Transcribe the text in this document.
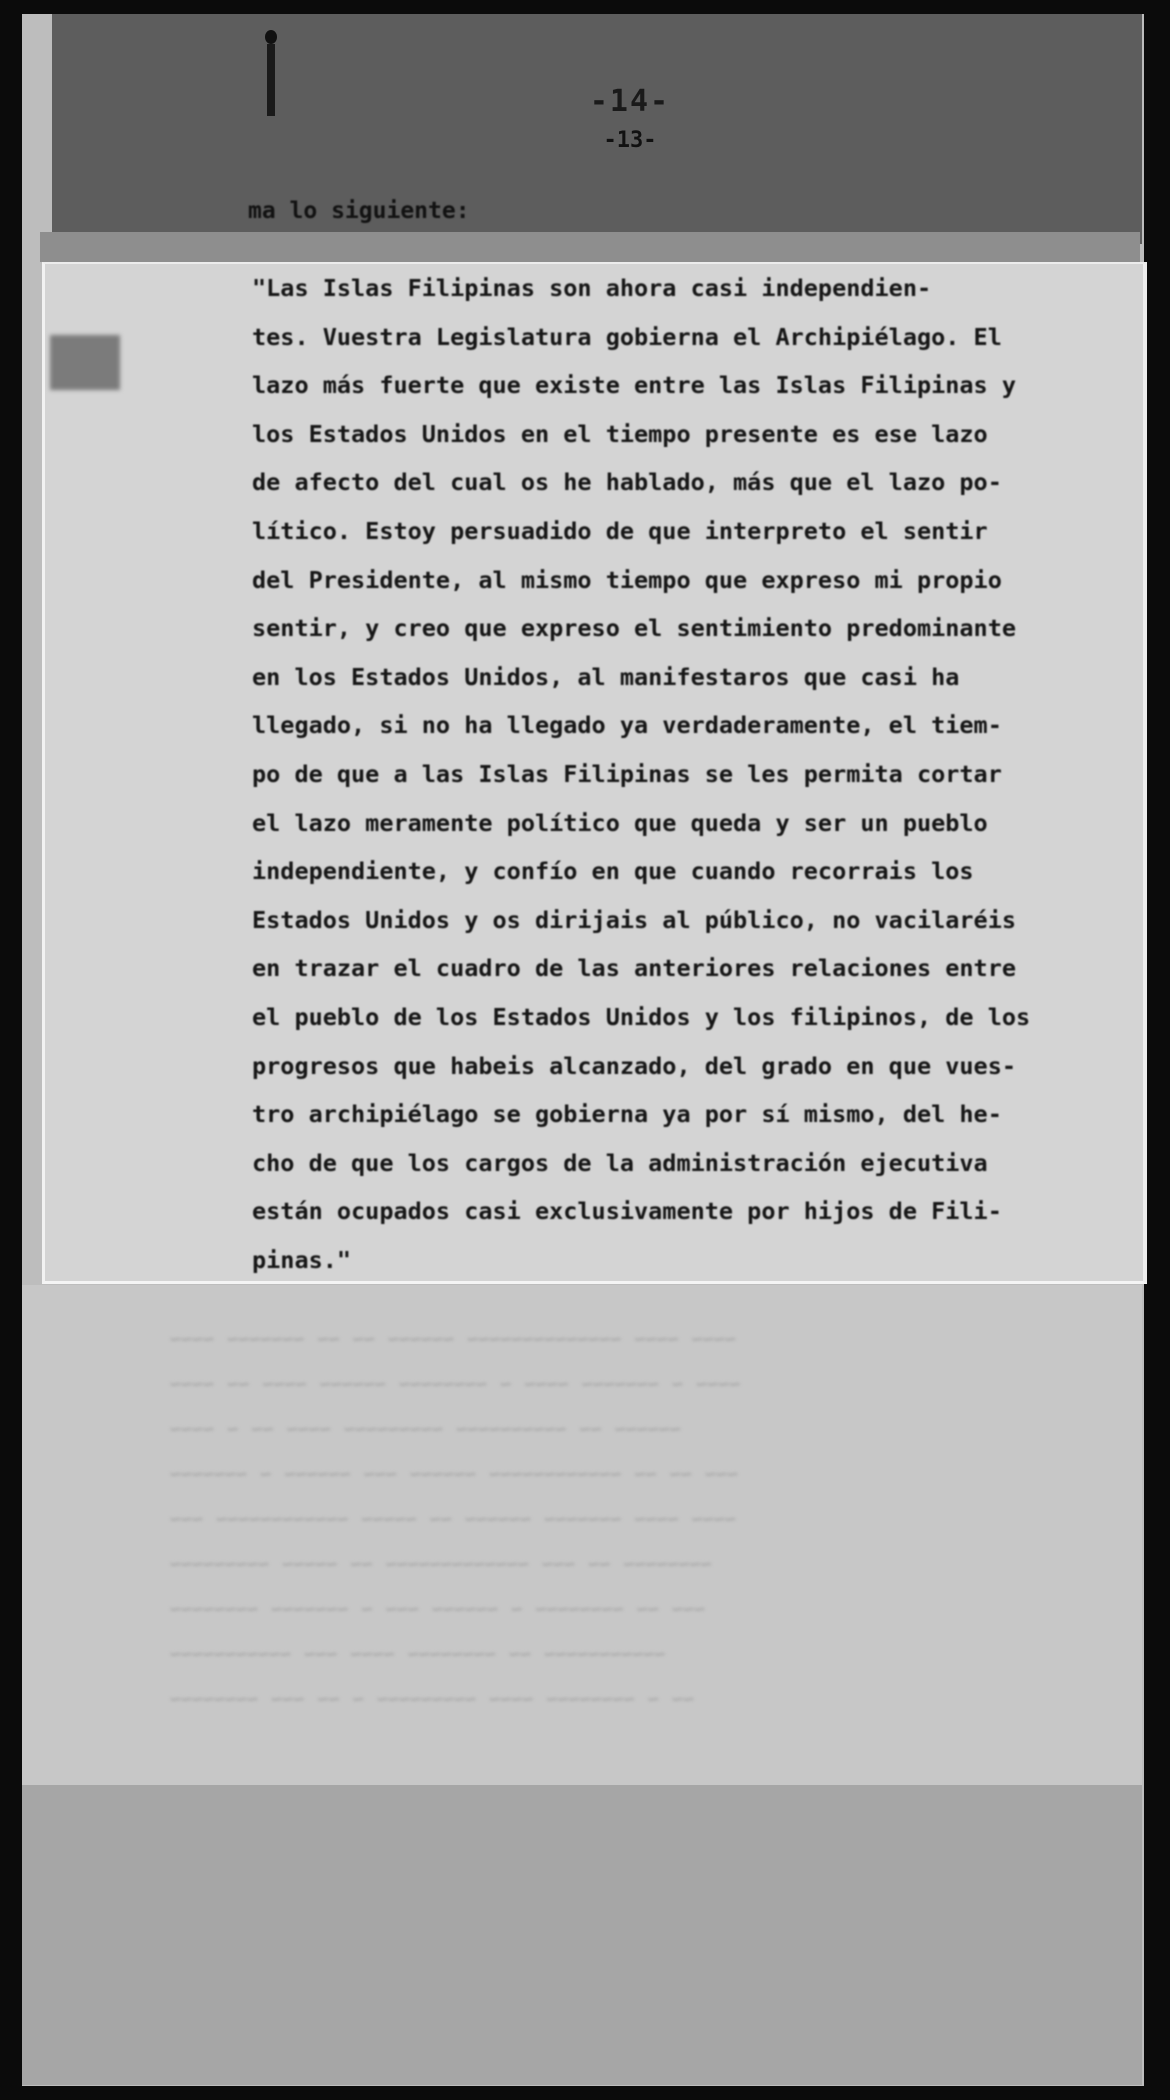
-14-
-13-
ma lo siguiente:
ｰｰｰｰ ｰｰｰｰｰｰｰ ｰｰ ｰｰ ｰｰｰｰｰｰ ｰｰｰｰｰｰｰｰｰｰｰｰｰｰ ｰｰｰｰ ｰｰｰｰ
ｰｰｰｰ ｰｰ ｰｰｰｰ ｰｰｰｰｰｰ ｰｰｰｰｰｰｰｰ ｰ ｰｰｰｰ ｰｰｰｰｰｰｰ ｰ ｰｰｰｰ
ｰｰｰｰ ｰ ｰｰ ｰｰｰｰ ｰｰｰｰｰｰｰｰｰ ｰｰｰｰｰｰｰｰｰｰ ｰｰ ｰｰｰｰｰｰ
ｰｰｰｰｰｰｰ ｰ ｰｰｰｰｰｰ ｰｰｰ ｰｰｰｰｰｰ ｰｰｰｰｰｰｰｰｰｰｰｰ ｰｰ ｰｰ ｰｰｰ
ｰｰｰ ｰｰｰｰｰｰｰｰｰｰｰｰ ｰｰｰｰｰ ｰｰ ｰｰｰｰｰｰ ｰｰｰｰｰｰｰ ｰｰｰｰ ｰｰｰｰ
ｰｰｰｰｰｰｰｰｰ ｰｰｰｰｰ ｰｰ ｰｰｰｰｰｰｰｰｰｰｰｰｰ ｰｰｰ ｰｰ ｰｰｰｰｰｰｰｰ
ｰｰｰｰｰｰｰｰ ｰｰｰｰｰｰｰ ｰ ｰｰｰ ｰｰｰｰｰｰ ｰ ｰｰｰｰｰｰｰｰ ｰｰ ｰｰｰ
ｰｰｰｰｰｰｰｰｰｰｰ ｰｰｰ ｰｰｰｰ ｰｰｰｰｰｰｰｰ ｰｰ ｰｰｰｰｰｰｰｰｰｰｰ
ｰｰｰｰｰｰｰｰ ｰｰｰ ｰｰ ｰ ｰｰｰｰｰｰｰｰｰ ｰｰｰｰ ｰｰｰｰｰｰｰｰ ｰ ｰｰ
"Las Islas Filipinas son ahora casi independien-
tes. Vuestra Legislatura gobierna el Archipiélago. El
lazo más fuerte que existe entre las Islas Filipinas y
los Estados Unidos en el tiempo presente es ese lazo
de afecto del cual os he hablado, más que el lazo po-
lítico. Estoy persuadido de que interpreto el sentir
del Presidente, al mismo tiempo que expreso mi propio
sentir, y creo que expreso el sentimiento predominante
en los Estados Unidos, al manifestaros que casi ha
llegado, si no ha llegado ya verdaderamente, el tiem-
po de que a las Islas Filipinas se les permita cortar
el lazo meramente político que queda y ser un pueblo
independiente, y confío en que cuando recorrais los
Estados Unidos y os dirijais al público, no vacilaréis
en trazar el cuadro de las anteriores relaciones entre
el pueblo de los Estados Unidos y los filipinos, de los
progresos que habeis alcanzado, del grado en que vues-
tro archipiélago se gobierna ya por sí mismo, del he-
cho de que los cargos de la administración ejecutiva
están ocupados casi exclusivamente por hijos de Fili-
pinas."
